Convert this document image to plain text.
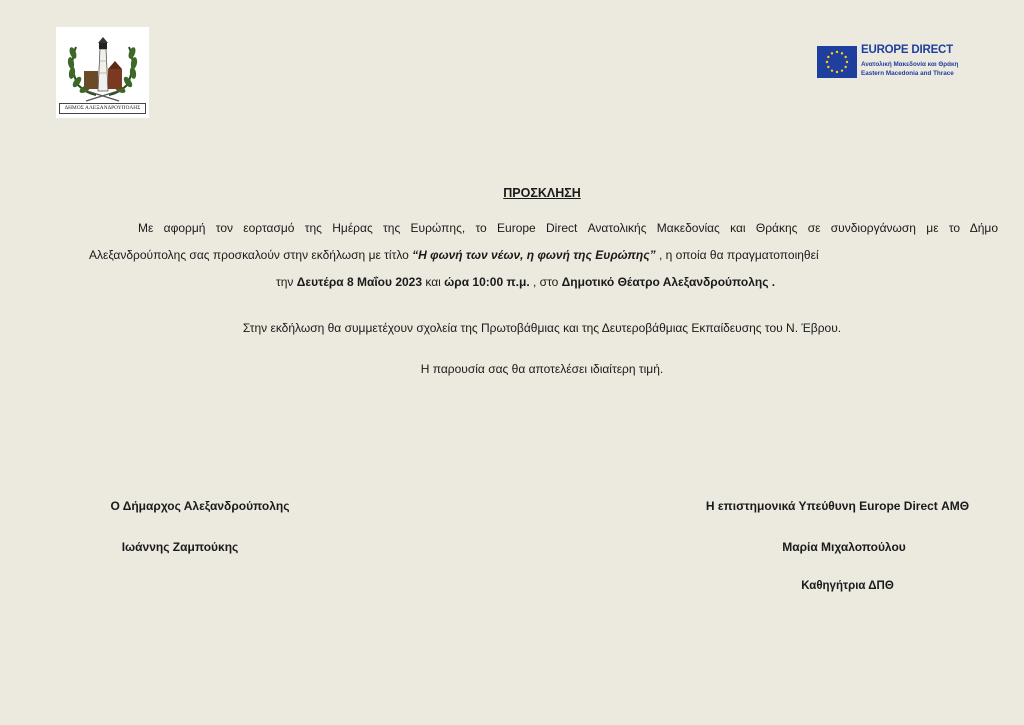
ΔΗΜΟΣ ΑΛΕΞΑΝΔΡΟΥΠΟΛΗΣ
EUROPE DIRECT
Ανατολική Μακεδονία και Θράκη
Eastern Macedonia and Thrace
ΠΡΟΣΚΛΗΣΗ
Με αφορμή τον εορτασμό της Ημέρας της Ευρώπης, το Europe Direct Ανατολικής Μακεδονίας και Θράκης σε συνδιοργάνωση με το Δήμο
Αλεξανδρούπολης σας προσκαλούν στην εκδήλωση με τίτλο “Η φωνή των νέων, η φωνή της Ευρώπης” , η οποία θα πραγματοποιηθεί
την Δευτέρα 8 Μαΐου 2023 και ώρα 10:00 π.μ. , στο Δημοτικό Θέατρο Αλεξανδρούπολης .
Στην εκδήλωση θα συμμετέχουν σχολεία της Πρωτοβάθμιας και της Δευτεροβάθμιας Εκπαίδευσης του Ν. Έβρου.
Η παρουσία σας θα αποτελέσει ιδιαίτερη τιμή.
Ο Δήμαρχος Αλεξανδρούπολης
Ιωάννης Ζαμπούκης
Η επιστημονικά Υπεύθυνη Europe Direct ΑΜΘ
Μαρία Μιχαλοπούλου
Καθηγήτρια ΔΠΘ
